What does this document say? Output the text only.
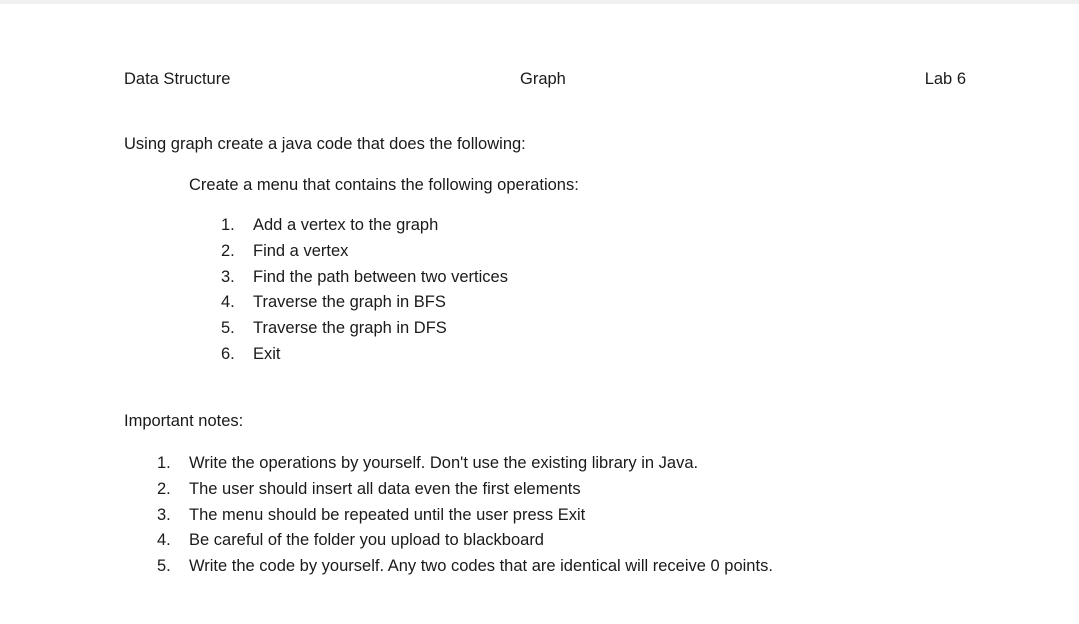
Data Structure	Graph	Lab 6
Using graph create a java code that does the following:
Create a menu that contains the following operations:
1. Add a vertex to the graph
2. Find a vertex
3. Find the path between two vertices
4. Traverse the graph in BFS
5. Traverse the graph in DFS
6. Exit
Important notes:
1. Write the operations by yourself. Don't use the existing library in Java.
2. The user should insert all data even the first elements
3. The menu should be repeated until the user press Exit
4. Be careful of the folder you upload to blackboard
5. Write the code by yourself. Any two codes that are identical will receive 0 points.
